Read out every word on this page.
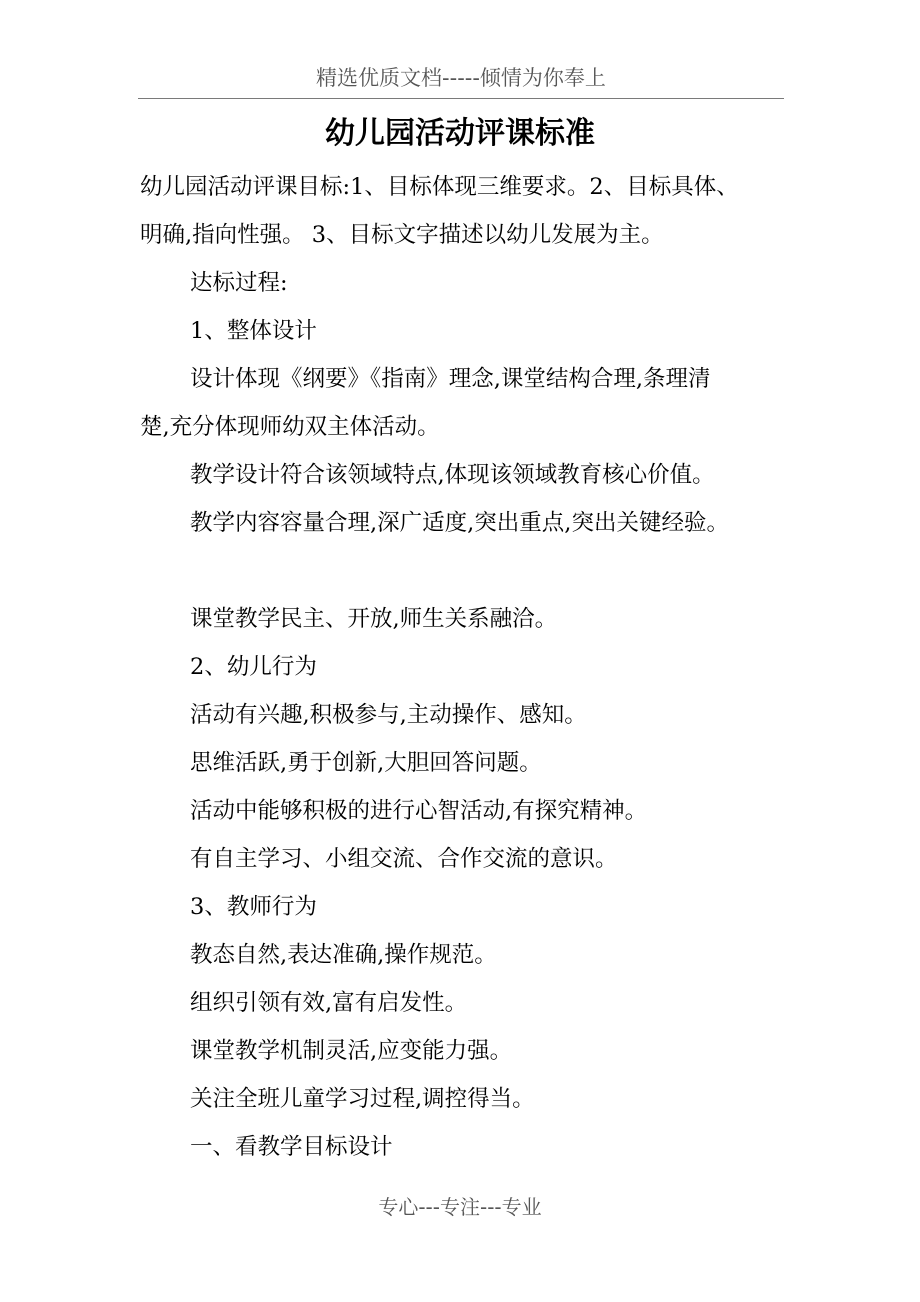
精选优质文档-----倾情为你奉上
幼儿园活动评课标准

幼儿园活动评课目标:1、目标体现三维要求。2、目标具体、

明确,指向性强。 3、目标文字描述以幼儿发展为主。

达标过程:

1、整体设计

设计体现《纲要》《指南》理念,课堂结构合理,条理清

楚,充分体现师幼双主体活动。

教学设计符合该领域特点,体现该领域教育核心价值。

教学内容容量合理,深广适度,突出重点,突出关键经验。

课堂教学民主、开放,师生关系融洽。

2、幼儿行为

活动有兴趣,积极参与,主动操作、感知。

思维活跃,勇于创新,大胆回答问题。

活动中能够积极的进行心智活动,有探究精神。

有自主学习、小组交流、合作交流的意识。

3、教师行为

教态自然,表达准确,操作规范。

组织引领有效,富有启发性。

课堂教学机制灵活,应变能力强。

关注全班儿童学习过程,调控得当。

一、看教学目标设计

专心---专注---专业
